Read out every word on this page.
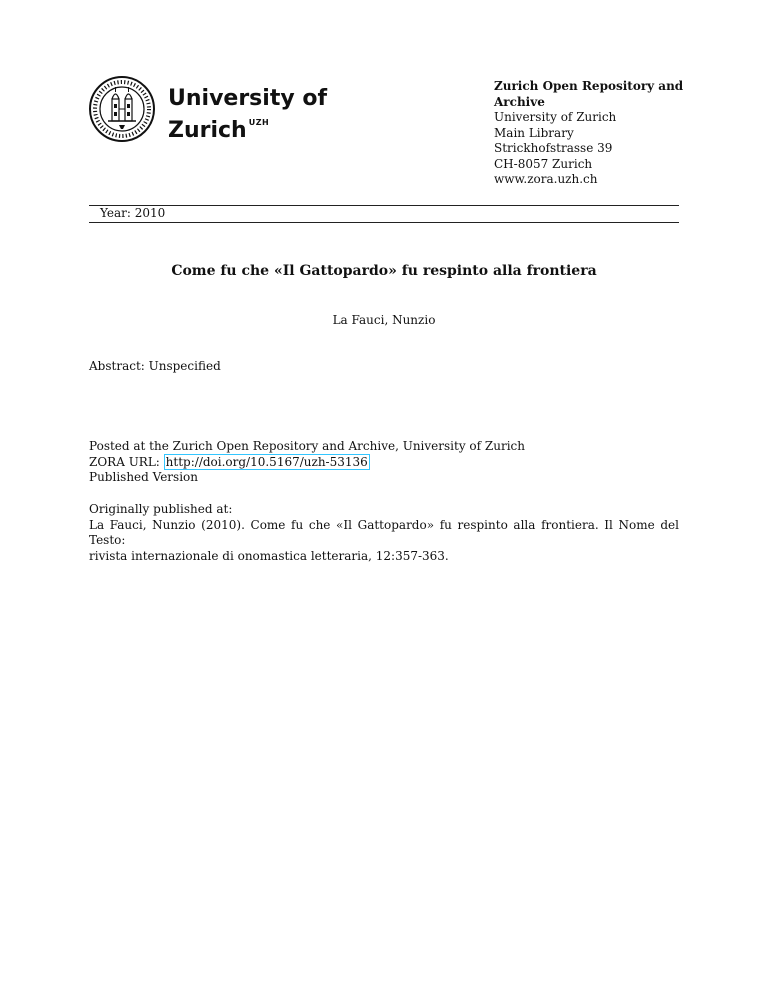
University of
Zurich $^{UZH}$
Zurich Open Repository and
Archive
University of Zurich
Main Library
Strickhofstrasse 39
CH-8057 Zurich
www.zora.uzh.ch
Year: 2010
Come fu che «Il Gattopardo» fu respinto alla frontiera
La Fauci, Nunzio
Abstract: Unspecified
Posted at the Zurich Open Repository and Archive, University of Zurich
ZORA URL: http://doi.org/10.5167/uzh-53136
Published Version
Originally published at:
La Fauci, Nunzio (2010). Come fu che «Il Gattopardo» fu respinto alla frontiera. Il Nome del Testo:
rivista internazionale di onomastica letteraria, 12:357-363.
